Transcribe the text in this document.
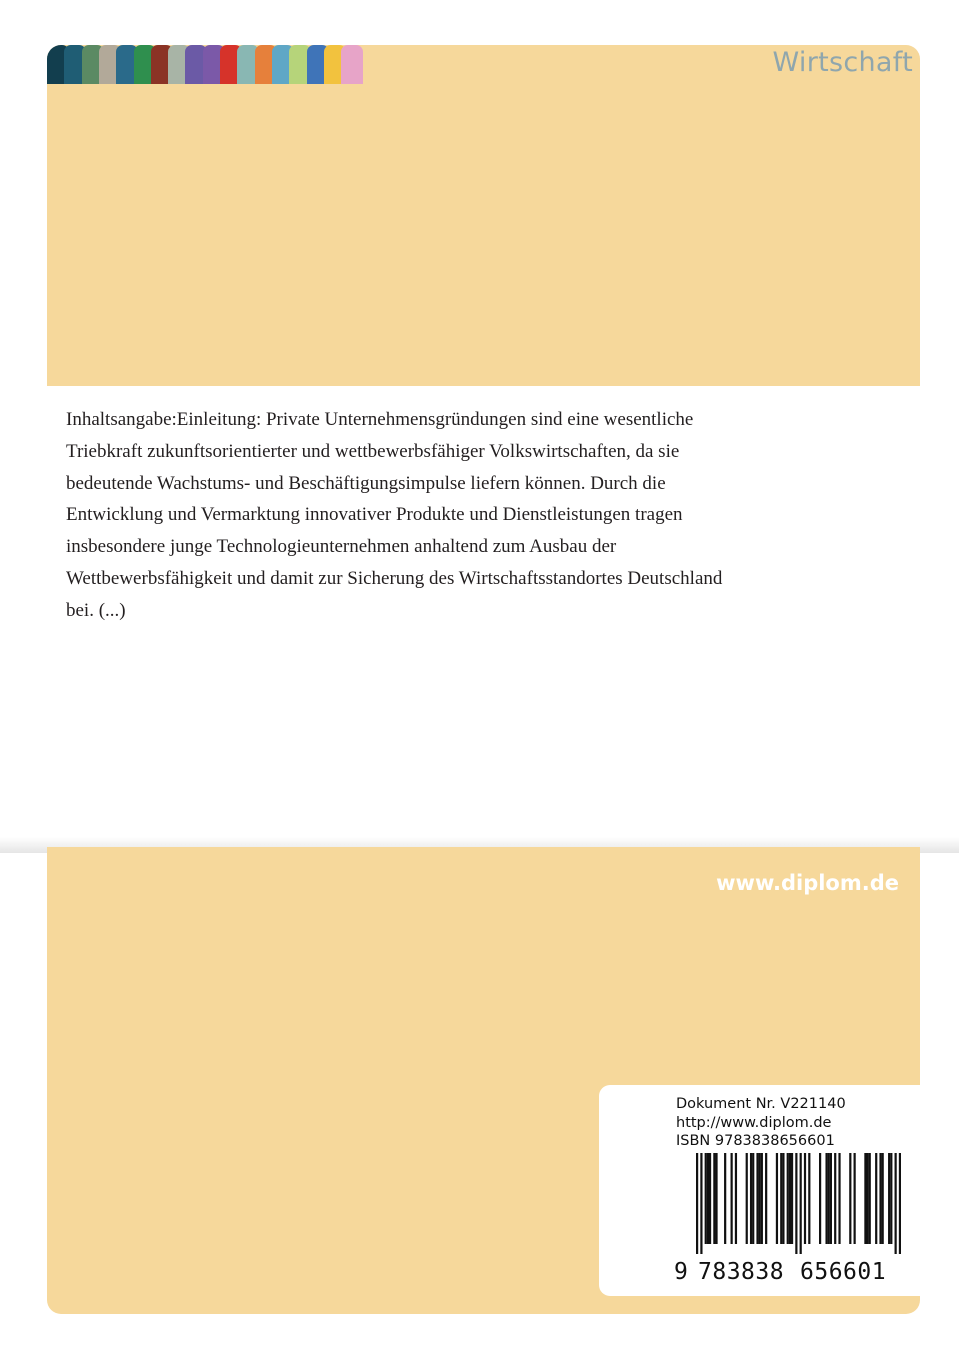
Wirtschaft
Inhaltsangabe:Einleitung: Private Unternehmensgründungen sind eine wesentliche
Triebkraft zukunftsorientierter und wettbewerbsfähiger Volkswirtschaften, da sie
bedeutende Wachstums- und Beschäftigungsimpulse liefern können. Durch die
Entwicklung und Vermarktung innovativer Produkte und Dienstleistungen tragen
insbesondere junge Technologieunternehmen anhaltend zum Ausbau der
Wettbewerbsfähigkeit und damit zur Sicherung des Wirtschaftsstandortes Deutschland
bei. (...)
www.diplom.de
Dokument Nr. V221140
http://www.diplom.de
ISBN 9783838656601
9 783838 656601
